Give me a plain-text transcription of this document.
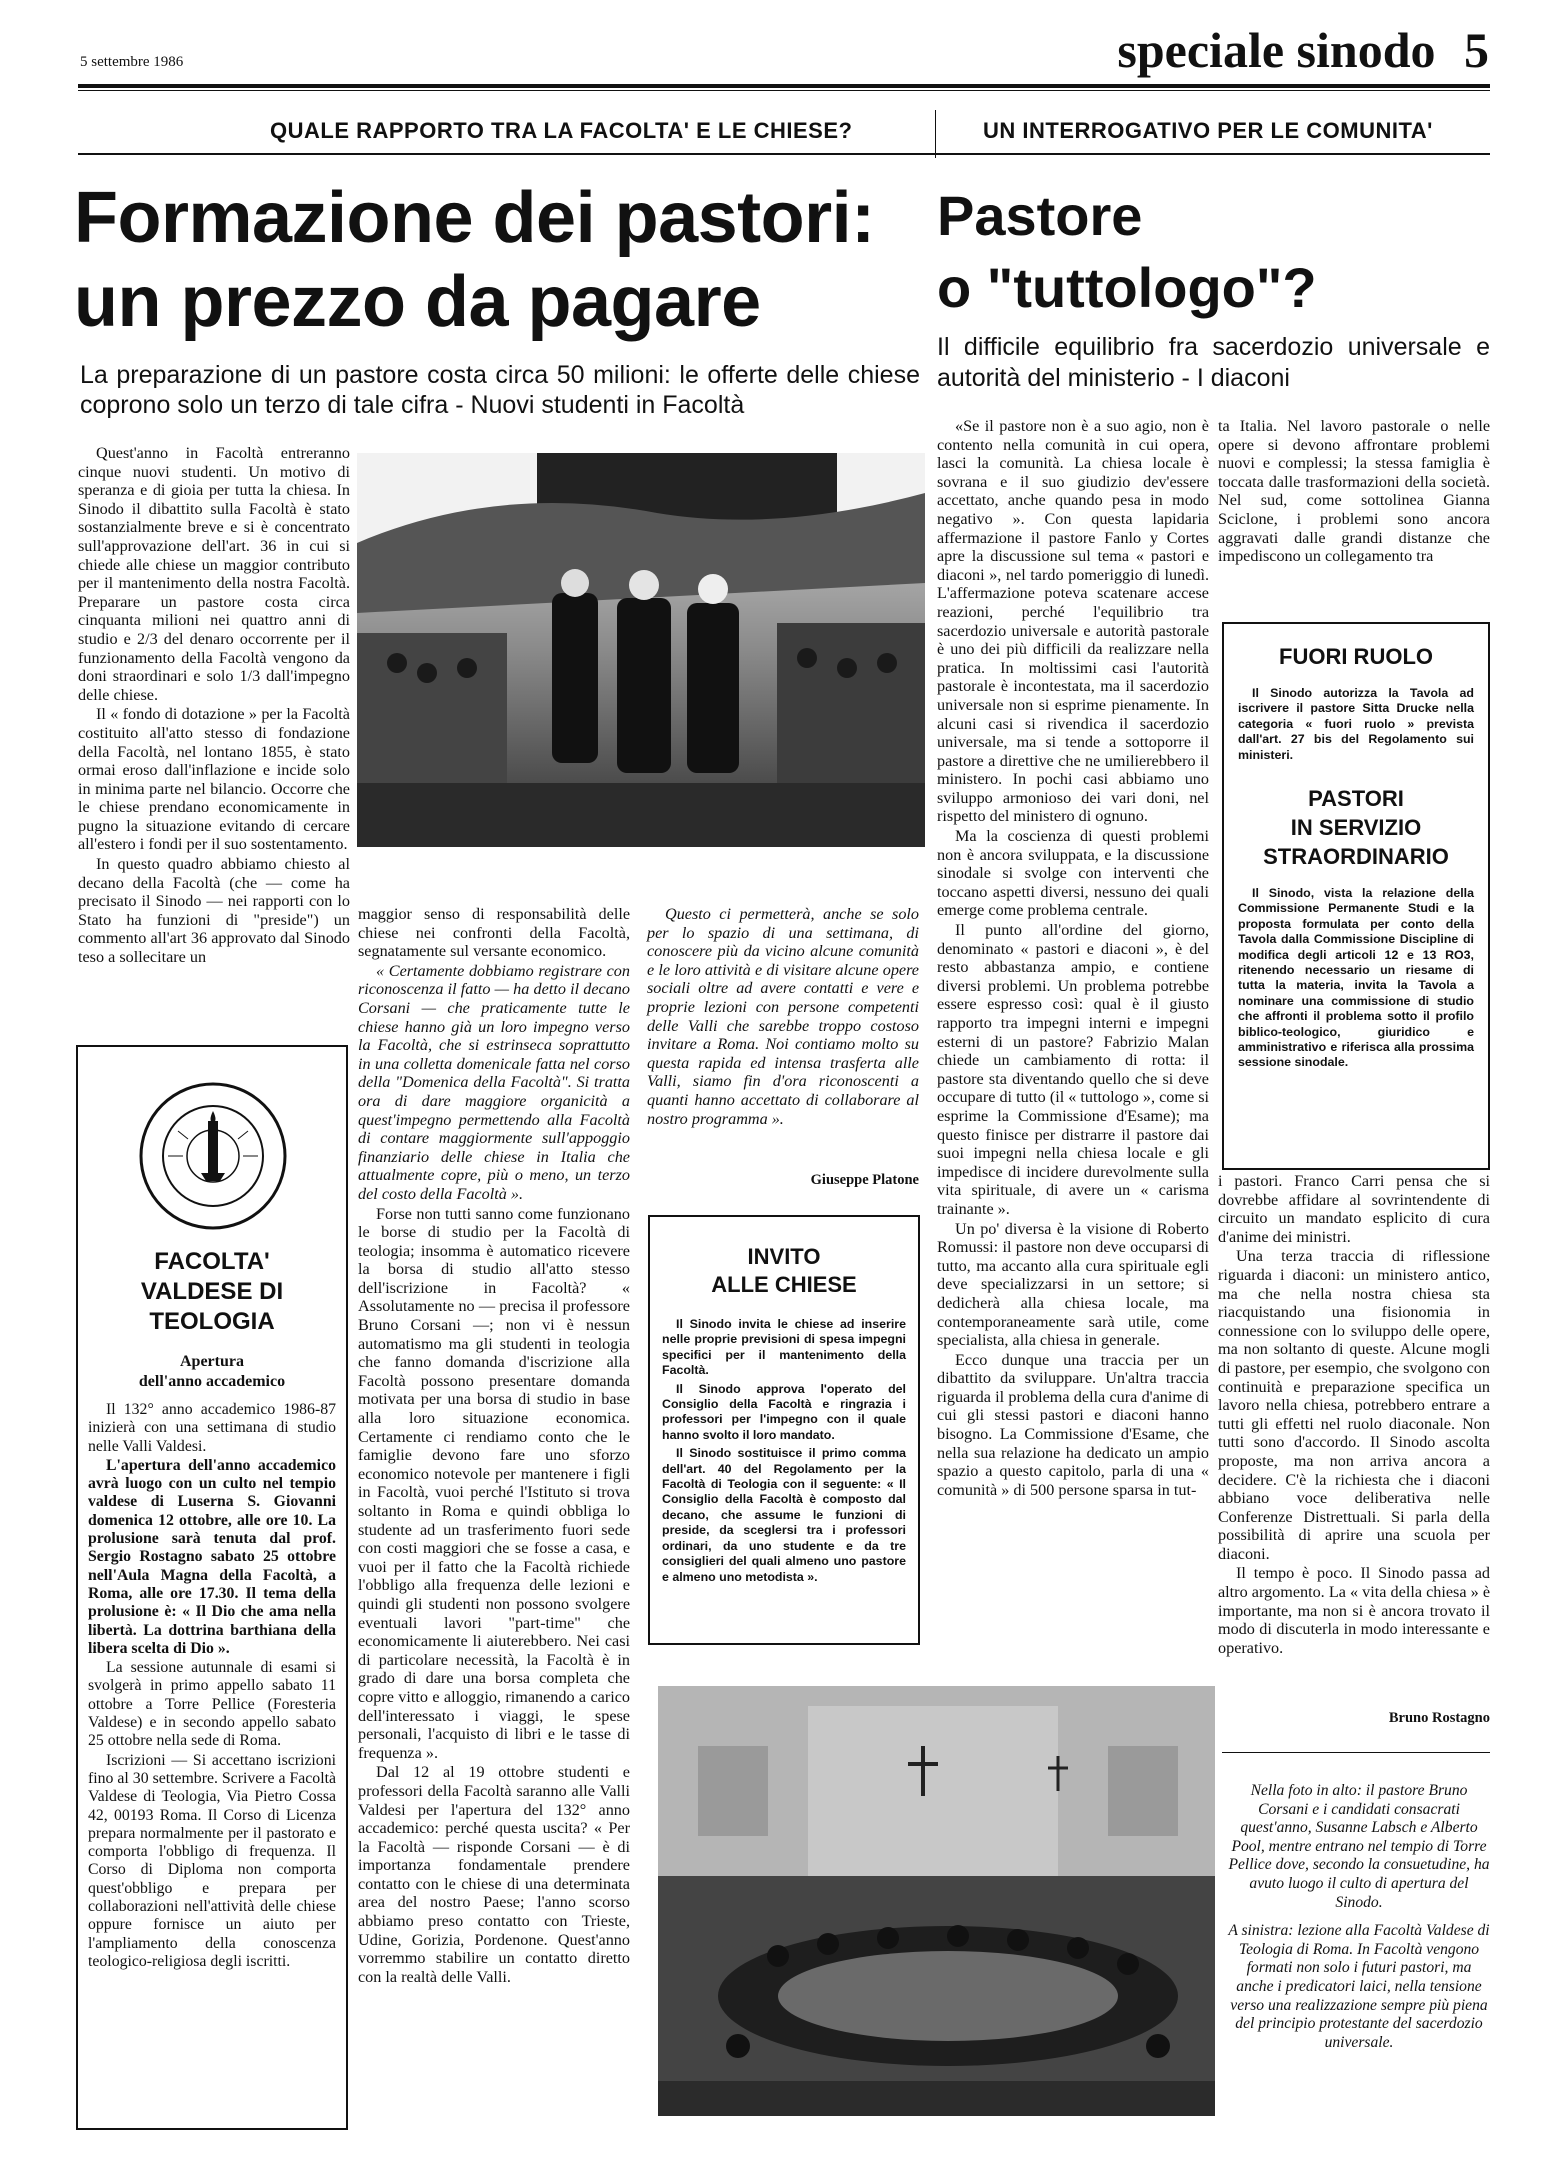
5 settembre 1986	speciale sinodo 5
QUALE RAPPORTO TRA LA FACOLTA' E LE CHIESE?	UN INTERROGATIVO PER LE COMUNITA'
Formazione dei pastori:
un prezzo da pagare
La preparazione di un pastore costa circa 50 milioni: le offerte delle chiese coprono solo un terzo di tale cifra - Nuovi studenti in Facoltà
Pastore
o "tuttologo"?
Il difficile equilibrio fra sacerdozio universale e autorità del ministerio - I diaconi

Quest'anno in Facoltà entreranno cinque nuovi studenti. Un motivo di speranza e di gioia per tutta la chiesa. In Sinodo il dibattito sulla Facoltà è stato sostanzialmente breve e si è concentrato sull'approvazione dell'art. 36 in cui si chiede alle chiese un maggior contributo per il mantenimento della nostra Facoltà. Preparare un pastore costa circa cinquanta milioni nei quattro anni di studio e 2/3 del denaro occorrente per il funzionamento della Facoltà vengono da doni straordinari e solo 1/3 dall'impegno delle chiese.

Il « fondo di dotazione » per la Facoltà costituito all'atto stesso di fondazione della Facoltà, nel lontano 1855, è stato ormai eroso dall'inflazione e incide solo in minima parte nel bilancio. Occorre che le chiese prendano economicamente in pugno la situazione evitando di cercare all'estero i fondi per il suo sostentamento.

In questo quadro abbiamo chiesto al decano della Facoltà (che — come ha precisato il Sinodo — nei rapporti con lo Stato ha funzioni di "preside") un commento all'art 36 approvato dal Sinodo teso a sollecitare un

maggior senso di responsabilità delle chiese nei confronti della Facoltà, segnatamente sul versante economico.

« Certamente dobbiamo registrare con riconoscenza il fatto — ha detto il decano Corsani — che praticamente tutte le chiese hanno già un loro impegno verso la Facoltà, che si estrinseca soprattutto in una colletta domenicale fatta nel corso della "Domenica della Facoltà". Si tratta ora di dare maggiore organicità a quest'impegno permettendo alla Facoltà di contare maggiormente sull'appoggio finanziario delle chiese in Italia che attualmente copre, più o meno, un terzo del costo della Facoltà ».

Forse non tutti sanno come funzionano le borse di studio per la Facoltà di teologia; insomma è automatico ricevere la borsa di studio all'atto stesso dell'iscrizione in Facoltà? « Assolutamente no — precisa il professore Bruno Corsani —; non vi è nessun automatismo ma gli studenti in teologia che fanno domanda d'iscrizione alla Facoltà possono presentare domanda motivata per una borsa di studio in base alla loro situazione economica. Certamente ci rendiamo conto che le famiglie devono fare uno sforzo economico notevole per mantenere i figli in Facoltà, vuoi perché l'Istituto si trova soltanto in Roma e quindi obbliga lo studente ad un trasferimento fuori sede con costi maggiori che se fosse a casa, e vuoi per il fatto che la Facoltà richiede l'obbligo alla frequenza delle lezioni e quindi gli studenti non possono svolgere eventuali lavori "part-time" che economicamente li aiuterebbero. Nei casi di particolare necessità, la Facoltà è in grado di dare una borsa completa che copre vitto e alloggio, rimanendo a carico dell'interessato i viaggi, le spese personali, l'acquisto di libri e le tasse di frequenza ».

Dal 12 al 19 ottobre studenti e professori della Facoltà saranno alle Valli Valdesi per l'apertura del 132° anno accademico: perché questa uscita? « Per la Facoltà — risponde Corsani — è di importanza fondamentale prendere contatto con le chiese di una determinata area del nostro Paese; l'anno scorso abbiamo preso contatto con Trieste, Udine, Gorizia, Pordenone. Quest'anno vorremmo stabilire un contatto diretto con la realtà delle Valli.

Questo ci permetterà, anche se solo per lo spazio di una settimana, di conoscere più da vicino alcune comunità e le loro attività e di visitare alcune opere sociali oltre ad avere contatti e vere e proprie lezioni con persone competenti delle Valli che sarebbe troppo costoso invitare a Roma. Noi contiamo molto su questa rapida ed intensa trasferta alle Valli, siamo fin d'ora riconoscenti a quanti hanno accettato di collaborare al nostro programma ».

Giuseppe Platone
FACOLTA' VALDESE DI TEOLOGIA
Apertura
dell'anno accademico

Il 132° anno accademico 1986-87 inizierà con una settimana di studio nelle Valli Valdesi.

L'apertura dell'anno accademico avrà luogo con un culto nel tempio valdese di Luserna S. Giovanni domenica 12 ottobre, alle ore 10. La prolusione sarà tenuta dal prof. Sergio Rostagno sabato 25 ottobre nell'Aula Magna della Facoltà, a Roma, alle ore 17.30. Il tema della prolusione è: « Il Dio che ama nella libertà. La dottrina barthiana della libera scelta di Dio ».

La sessione autunnale di esami si svolgerà in primo appello sabato 11 ottobre a Torre Pellice (Foresteria Valdese) e in secondo appello sabato 25 ottobre nella sede di Roma.

Iscrizioni — Si accettano iscrizioni fino al 30 settembre. Scrivere a Facoltà Valdese di Teologia, Via Pietro Cossa 42, 00193 Roma. Il Corso di Licenza prepara normalmente per il pastorato e comporta l'obbligo di frequenza. Il Corso di Diploma non comporta quest'obbligo e prepara per collaborazioni nell'attività delle chiese oppure fornisce un aiuto per l'ampliamento della conoscenza teologico-religiosa degli iscritti.

INVITO
ALLE CHIESE

Il Sinodo invita le chiese ad inserire nelle proprie previsioni di spesa impegni specifici per il mantenimento della Facoltà.

Il Sinodo approva l'operato del Consiglio della Facoltà e ringrazia i professori per l'impegno con il quale hanno svolto il loro mandato.

Il Sinodo sostituisce il primo comma dell'art. 40 del Regolamento per la Facoltà di Teologia con il seguente: « Il Consiglio della Facoltà è composto dal decano, che assume le funzioni di preside, da sceglersi tra i professori ordinari, da uno studente e da tre consiglieri del quali almeno uno pastore e almeno uno metodista ».

«Se il pastore non è a suo agio, non è contento nella comunità in cui opera, lasci la comunità. La chiesa locale è sovrana e il suo giudizio dev'essere accettato, anche quando pesa in modo negativo ». Con questa lapidaria affermazione il pastore Fanlo y Cortes apre la discussione sul tema « pastori e diaconi », nel tardo pomeriggio di lunedì. L'affermazione poteva scatenare accese reazioni, perché l'equilibrio tra sacerdozio universale e autorità pastorale è uno dei più difficili da realizzare nella pratica. In moltissimi casi l'autorità pastorale è incontestata, ma il sacerdozio universale non si esprime pienamente. In alcuni casi si rivendica il sacerdozio universale, ma si tende a sottoporre il pastore a direttive che ne umilierebbero il ministero. In pochi casi abbiamo uno sviluppo armonioso dei vari doni, nel rispetto del ministero di ognuno.

Ma la coscienza di questi problemi non è ancora sviluppata, e la discussione sinodale si svolge con interventi che toccano aspetti diversi, nessuno dei quali emerge come problema centrale.

Il punto all'ordine del giorno, denominato « pastori e diaconi », è del resto abbastanza ampio, e contiene diversi problemi. Un problema potrebbe essere espresso così: qual è il giusto rapporto tra impegni interni e impegni esterni di un pastore? Fabrizio Malan chiede un cambiamento di rotta: il pastore sta diventando quello che si deve occupare di tutto (il « tuttologo », come si esprime la Commissione d'Esame); ma questo finisce per distrarre il pastore dai suoi impegni nella chiesa locale e gli impedisce di incidere durevolmente sulla vita spirituale, di avere un « carisma trainante ».

Un po' diversa è la visione di Roberto Romussi: il pastore non deve occuparsi di tutto, ma accanto alla cura spirituale egli deve specializzarsi in un settore; si dedicherà alla chiesa locale, ma contemporaneamente sarà utile, come specialista, alla chiesa in generale.

Ecco dunque una traccia per un dibattito da sviluppare. Un'altra traccia riguarda il problema della cura d'anime di cui gli stessi pastori e diaconi hanno bisogno. La Commissione d'Esame, che nella sua relazione ha dedicato un ampio spazio a questo capitolo, parla di una « comunità » di 500 persone sparsa in tut-

ta Italia. Nel lavoro pastorale o nelle opere si devono affrontare problemi nuovi e complessi; la stessa famiglia è toccata dalle trasformazioni della società. Nel sud, come sottolinea Gianna Sciclone, i problemi sono ancora aggravati dalle grandi distanze che impediscono un collegamento tra

FUORI RUOLO

Il Sinodo autorizza la Tavola ad iscrivere il pastore Sitta Drucke nella categoria « fuori ruolo » prevista dall'art. 27 bis del Regolamento sui ministeri.

PASTORI
IN SERVIZIO
STRAORDINARIO

Il Sinodo, vista la relazione della Commissione Permanente Studi e la proposta formulata per conto della Tavola dalla Commissione Discipline di modifica degli articoli 12 e 13 RO3, ritenendo necessario un riesame di tutta la materia, invita la Tavola a nominare una commissione di studio che affronti il problema sotto il profilo biblico-teologico, giuridico e amministrativo e riferisca alla prossima sessione sinodale.

i pastori. Franco Carri pensa che si dovrebbe affidare al sovrintendente di circuito un mandato esplicito di cura d'anime dei ministri.

Una terza traccia di riflessione riguarda i diaconi: un ministero antico, ma che nella nostra chiesa sta riacquistando una fisionomia in connessione con lo sviluppo delle opere, ma non soltanto di queste. Alcune mogli di pastore, per esempio, che svolgono con continuità e preparazione specifica un lavoro nella chiesa, potrebbero entrare a tutti gli effetti nel ruolo diaconale. Non tutti sono d'accordo. Il Sinodo ascolta proposte, ma non arriva ancora a decidere. C'è la richiesta che i diaconi abbiano voce deliberativa nelle Conferenze Distrettuali. Si parla della possibilità di aprire una scuola per diaconi.

Il tempo è poco. Il Sinodo passa ad altro argomento. La « vita della chiesa » è importante, ma non si è ancora trovato il modo di discuterla in modo interessante e operativo.

Bruno Rostagno

Nella foto in alto: il pastore Bruno Corsani e i candidati consacrati quest'anno, Susanne Labsch e Alberto Pool, mentre entrano nel tempio di Torre Pellice dove, secondo la consuetudine, ha avuto luogo il culto di apertura del Sinodo.

A sinistra: lezione alla Facoltà Valdese di Teologia di Roma. In Facoltà vengono formati non solo i futuri pastori, ma anche i predicatori laici, nella tensione verso una realizzazione sempre più piena del principio protestante del sacerdozio universale.
